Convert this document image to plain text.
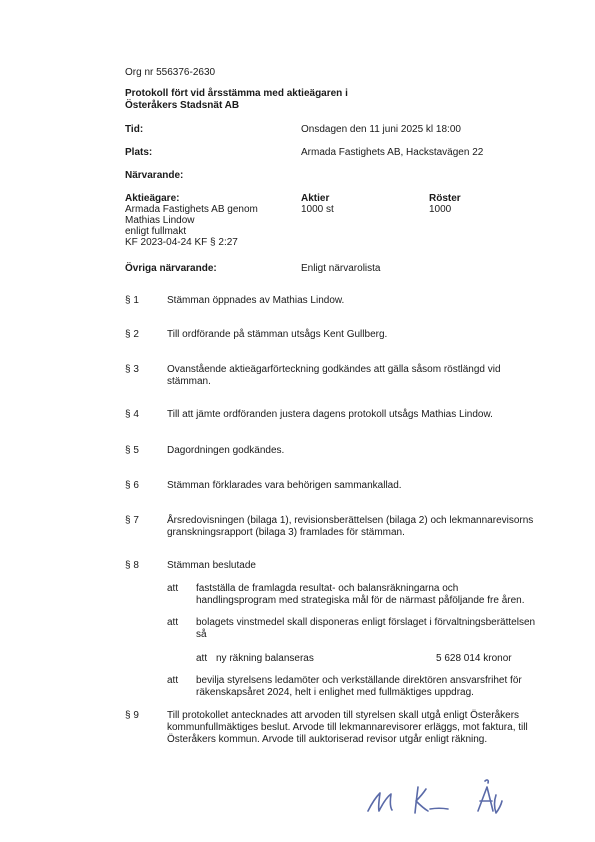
Org nr 556376-2630
Protokoll fört vid årsstämma med aktieägaren i
Österåkers Stadsnät AB
Tid:	Onsdagen den 11 juni 2025 kl 18:00
Plats:	Armada Fastighets AB, Hackstavägen 22
Närvarande:
Aktieägare:	Aktier	Röster
Armada Fastighets AB genom
Mathias Lindow
enligt fullmakt
KF 2023-04-24 KF § 2:27
1000 st	1000
Övriga närvarande:	Enligt närvarolista
§ 1	Stämman öppnades av Mathias Lindow.
§ 2	Till ordförande på stämman utsågs Kent Gullberg.
§ 3	Ovanstående aktieägarförteckning godkändes att gälla såsom röstlängd vid
stämman.
§ 4	Till att jämte ordföranden justera dagens protokoll utsågs Mathias Lindow.
§ 5	Dagordningen godkändes.
§ 6	Stämman förklarades vara behörigen sammankallad.
§ 7	Årsredovisningen (bilaga 1), revisionsberättelsen (bilaga 2) och lekmannarevisorns
granskningsrapport (bilaga 3) framlades för stämman.
§ 8	Stämman beslutade
att fastställa de framlagda resultat- och balansräkningarna och
handlingsprogram med strategiska mål för de närmast påföljande fre åren.
att bolagets vinstmedel skall disponeras enligt förslaget i förvaltningsberättelsen
så
att ny räkning balanseras	5 628 014 kronor
att bevilja styrelsens ledamöter och verkställande direktören ansvarsfrihet för
räkenskapsåret 2024, helt i enlighet med fullmäktiges uppdrag.
§ 9	Till protokollet antecknades att arvoden till styrelsen skall utgå enligt Österåkers
kommunfullmäktiges beslut. Arvode till lekmannarevisorer erläggs, mot faktura, till
Österåkers kommun. Arvode till auktoriserad revisor utgår enligt räkning.
